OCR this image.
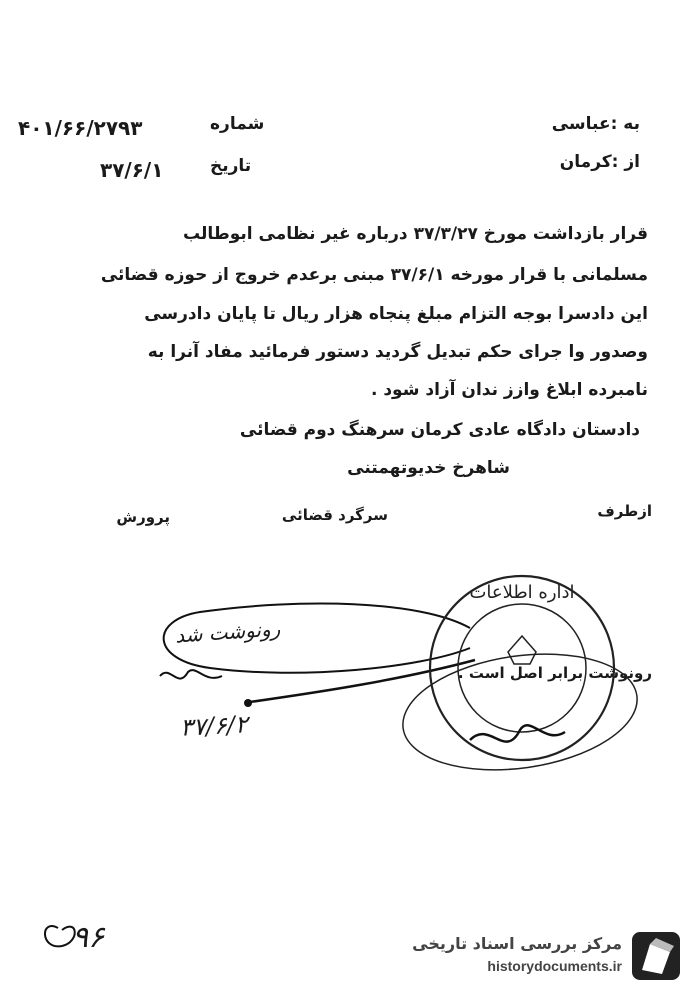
به :عباسی
از :کرمان
شماره
۴۰۱/۶۶/۲۷۹۳
تاریخ
۳۷/۶/۱
قرار بازداشت مورخ ۳۷/۳/۲۷ درباره غیر نظامی ابوطالب
مسلمانی با قرار مورخه ۳۷/۶/۱ مبنی برعدم خروج از حوزه قضائی
این دادسرا بوجه التزام مبلغ پنجاه هزار ریال تا پایان دادرسی
وصدور وا جرای حکم تبدیل گردید دستور فرمائید مفاد آنرا به
نامبرده ابلاغ وازز ندان آزاد شود .
دادستان دادگاه عادی کرمان سرهنگ دوم قضائی
شاهرخ خدیوتهمتنی
ازطرف
سرگرد قضائی
پرورش
رونوشت برابر اصل است .
اداره اطلاعات
رونوشت شد
۳۷/۶/۲
۹۶	مرکز بررسی اسناد تاریخی
historydocuments.ir
